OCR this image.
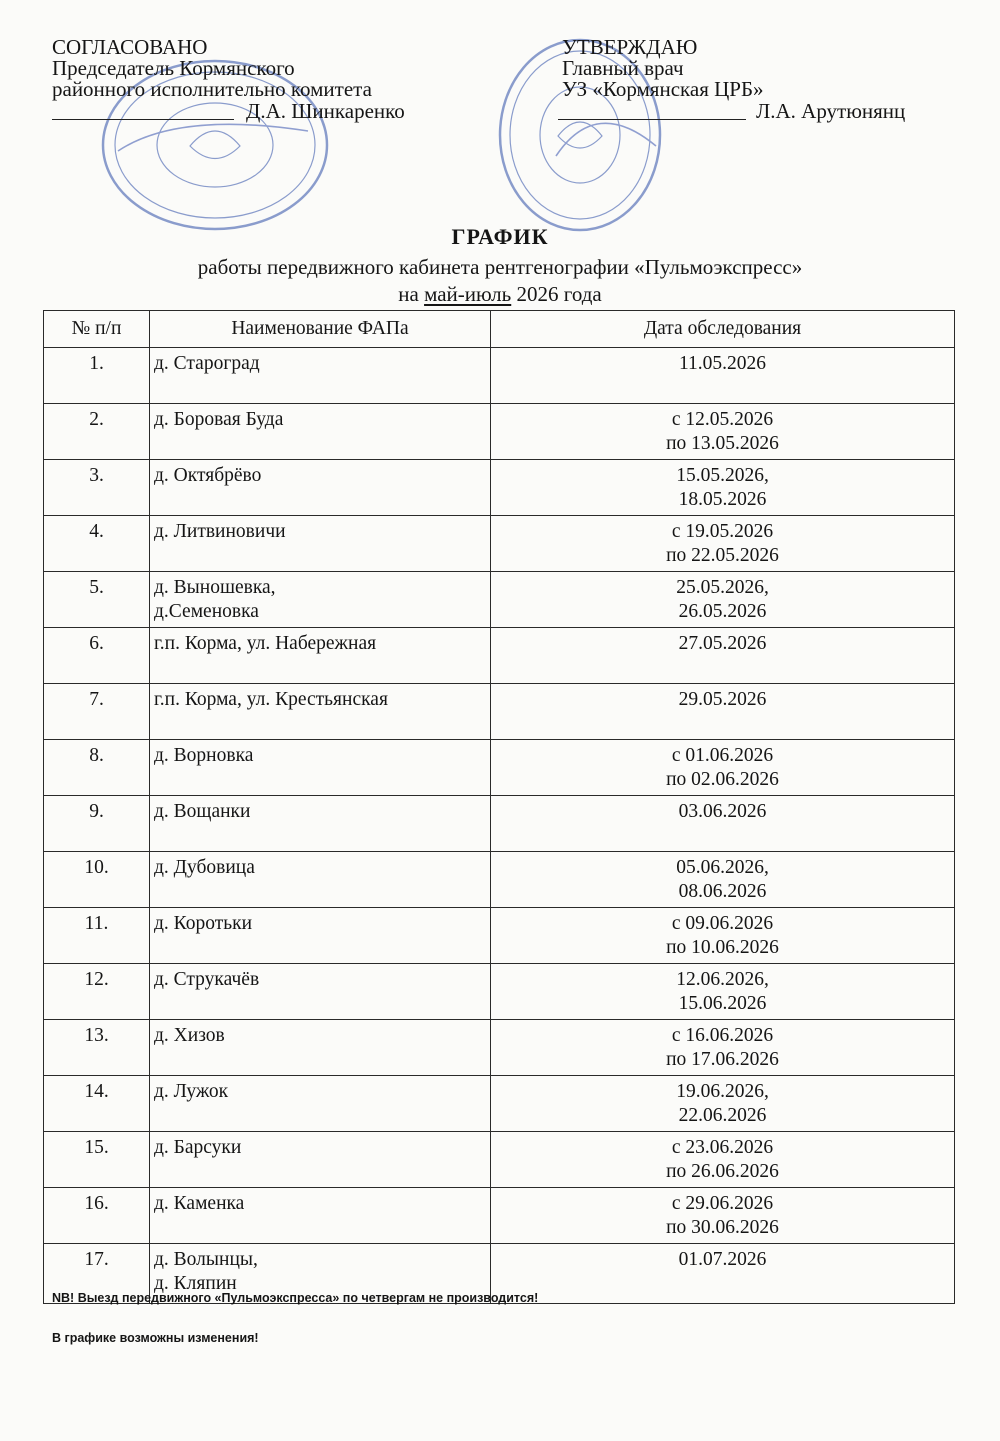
СОГЛАСОВАНО
Председатель Кормянского
районного исполнительно комитета
Д.А. Шинкаренко
УТВЕРЖДАЮ
Главный врач
УЗ «Кормянская ЦРБ»
Л.А. Арутюнянц
ГРАФИК
работы передвижного кабинета рентгенографии «Пульмоэкспресс»
на май-июль 2026 года
№ п/п	Наименование ФАПа	Дата обследования
1.	д. Староград	11.05.2026

2.	д. Боровая Буда	с 12.05.2026
по 13.05.2026

3.	д. Октябрёво	15.05.2026,
18.05.2026

4.	д. Литвиновичи	с 19.05.2026
по 22.05.2026

5.	д. Выношевка,
д.Семеновка	25.05.2026,
26.05.2026

6.	г.п. Корма, ул. Набережная	27.05.2026

7.	г.п. Корма, ул. Крестьянская	29.05.2026

8.	д. Ворновка	с 01.06.2026
по 02.06.2026

9.	д. Вощанки	03.06.2026

10.	д. Дубовица	05.06.2026,
08.06.2026

11.	д. Коротьки	с 09.06.2026
по 10.06.2026

12.	д. Струкачёв	12.06.2026,
15.06.2026

13.	д. Хизов	с 16.06.2026
по 17.06.2026

14.	д. Лужок	19.06.2026,
22.06.2026

15.	д. Барсуки	с 23.06.2026
по 26.06.2026

16.	д. Каменка	с 29.06.2026
по 30.06.2026

17.	д. Волынцы,
д. Кляпин	01.07.2026
NB! Выезд передвижного «Пульмоэкспресса» по четвергам не производится!
В графике возможны изменения!
